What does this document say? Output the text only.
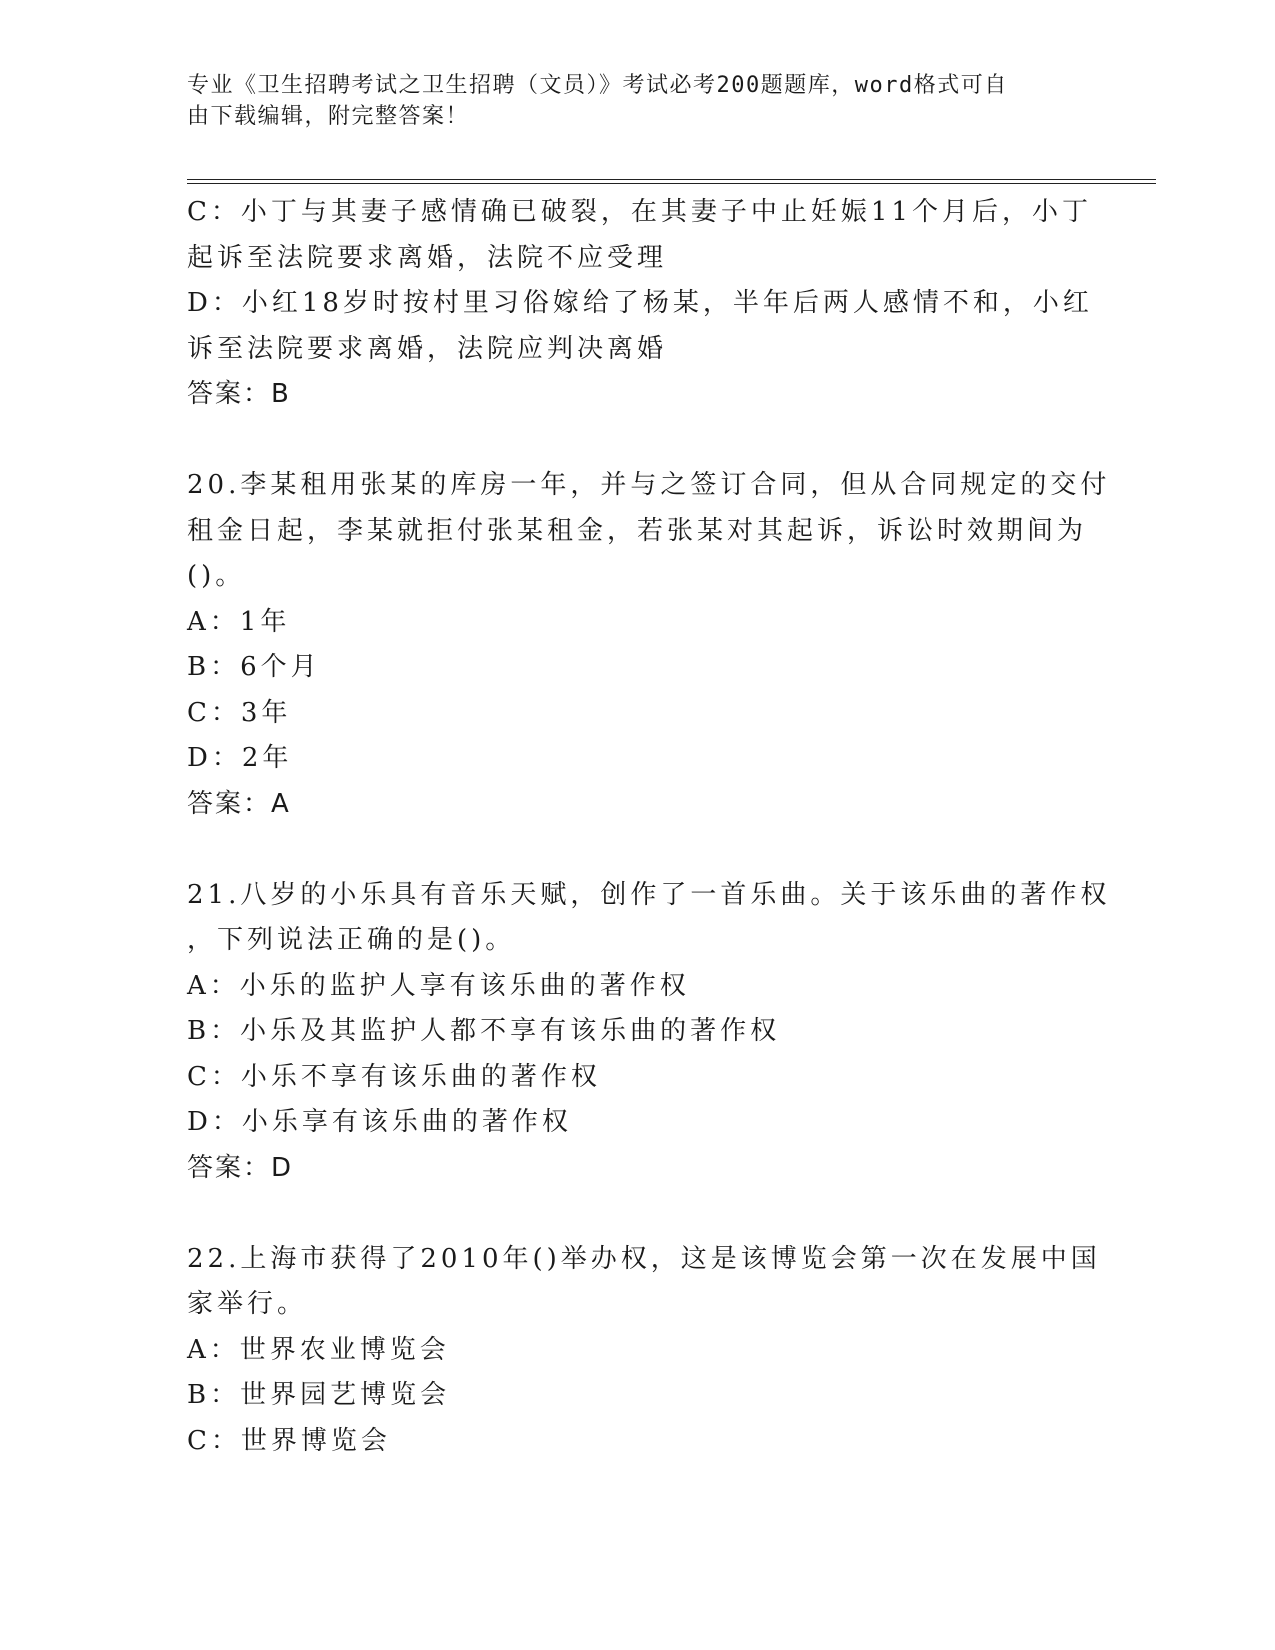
专业《卫生招聘考试之卫生招聘（文员）》考试必考200题题库，word格式可自
由下载编辑，附完整答案！
C：小丁与其妻子感情确已破裂，在其妻子中止妊娠11个月后，小丁
起诉至法院要求离婚，法院不应受理
D：小红18岁时按村里习俗嫁给了杨某，半年后两人感情不和，小红
诉至法院要求离婚，法院应判决离婚
答案：B
20.李某租用张某的库房一年，并与之签订合同，但从合同规定的交付
租金日起，李某就拒付张某租金，若张某对其起诉，诉讼时效期间为
()。
A：1年
B：6个月
C：3年
D：2年
答案：A
21.八岁的小乐具有音乐天赋，创作了一首乐曲。关于该乐曲的著作权
，下列说法正确的是()。
A：小乐的监护人享有该乐曲的著作权
B：小乐及其监护人都不享有该乐曲的著作权
C：小乐不享有该乐曲的著作权
D：小乐享有该乐曲的著作权
答案：D
22.上海市获得了2010年()举办权，这是该博览会第一次在发展中国
家举行。
A：世界农业博览会
B：世界园艺博览会
C：世界博览会
